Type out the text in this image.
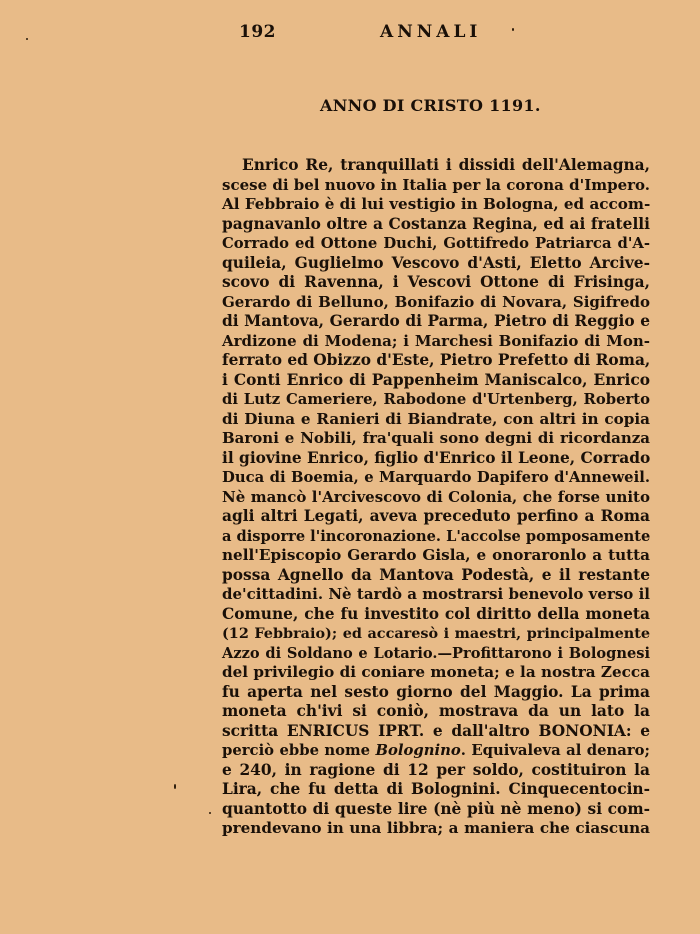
192	ANNALI
ANNO DI CRISTO 1191.
Enrico Re, tranquillati i dissidi dell'Alemagna,
scese di bel nuovo in Italia per la corona d'Impero.
Al Febbraio è di lui vestigio in Bologna, ed accom-
pagnavanlo oltre a Costanza Regina, ed ai fratelli
Corrado ed Ottone Duchi, Gottifredo Patriarca d'A-
quileia, Guglielmo Vescovo d'Asti, Eletto Arcive-
scovo di Ravenna, i Vescovi Ottone di Frisinga,
Gerardo di Belluno, Bonifazio di Novara, Sigifredo
di Mantova, Gerardo di Parma, Pietro di Reggio e
Ardizone di Modena; i Marchesi Bonifazio di Mon-
ferrato ed Obizzo d'Este, Pietro Prefetto di Roma,
i Conti Enrico di Pappenheim Maniscalco, Enrico
di Lutz Cameriere, Rabodone d'Urtenberg, Roberto
di Diuna e Ranieri di Biandrate, con altri in copia
Baroni e Nobili, fra'quali sono degni di ricordanza
il giovine Enrico, figlio d'Enrico il Leone, Corrado
Duca di Boemia, e Marquardo Dapifero d'Anneweil.
Nè mancò l'Arcivescovo di Colonia, che forse unito
agli altri Legati, aveva preceduto perfino a Roma
a disporre l'incoronazione. L'accolse pomposamente
nell'Episcopio Gerardo Gisla, e onoraronlo a tutta
possa Agnello da Mantova Podestà, e il restante
de'cittadini. Nè tardò a mostrarsi benevolo verso il
Comune, che fu investito col diritto della moneta
(12 Febbraio); ed accaresò i maestri, principalmente
Azzo di Soldano e Lotario.—Profittarono i Bolognesi
del privilegio di coniare moneta; e la nostra Zecca
fu aperta nel sesto giorno del Maggio. La prima
moneta ch'ivi si coniò, mostrava da un lato la
scritta ENRICUS IPRT. e dall'altro BONONIA: e
perciò ebbe nome Bolognino. Equivaleva al denaro;
e 240, in ragione di 12 per soldo, costituiron la
Lira, che fu detta di Bolognini. Cinquecentocin-
quantotto di queste lire (nè più nè meno) si com-
prendevano in una libbra; a maniera che ciascuna
